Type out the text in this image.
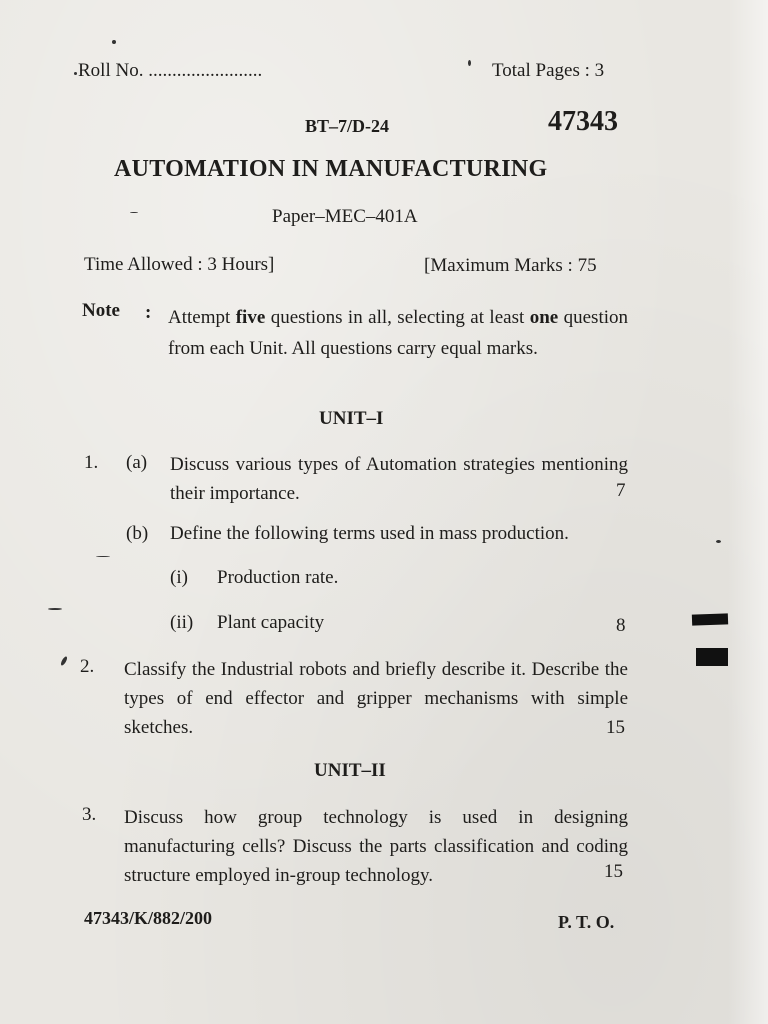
Roll No. ........................	Total Pages : 3
BT–7/D-24	47343
AUTOMATION IN MANUFACTURING
Paper–MEC–401A
Time Allowed : 3 Hours]	[Maximum Marks : 75
Note : Attempt five questions in all, selecting at least one question from each Unit. All questions carry equal marks.
UNIT–I
1. (a) Discuss various types of Automation strategies mentioning their importance.	7
(b) Define the following terms used in mass production.
(i) Production rate.
(ii) Plant capacity	8
2. Classify the Industrial robots and briefly describe it. Describe the types of end effector and gripper mechanisms with simple sketches.	15
UNIT–II
3. Discuss how group technology is used in designing manufacturing cells? Discuss the parts classification and coding structure employed in-group technology.	15
47343/K/882/200	P. T. O.
